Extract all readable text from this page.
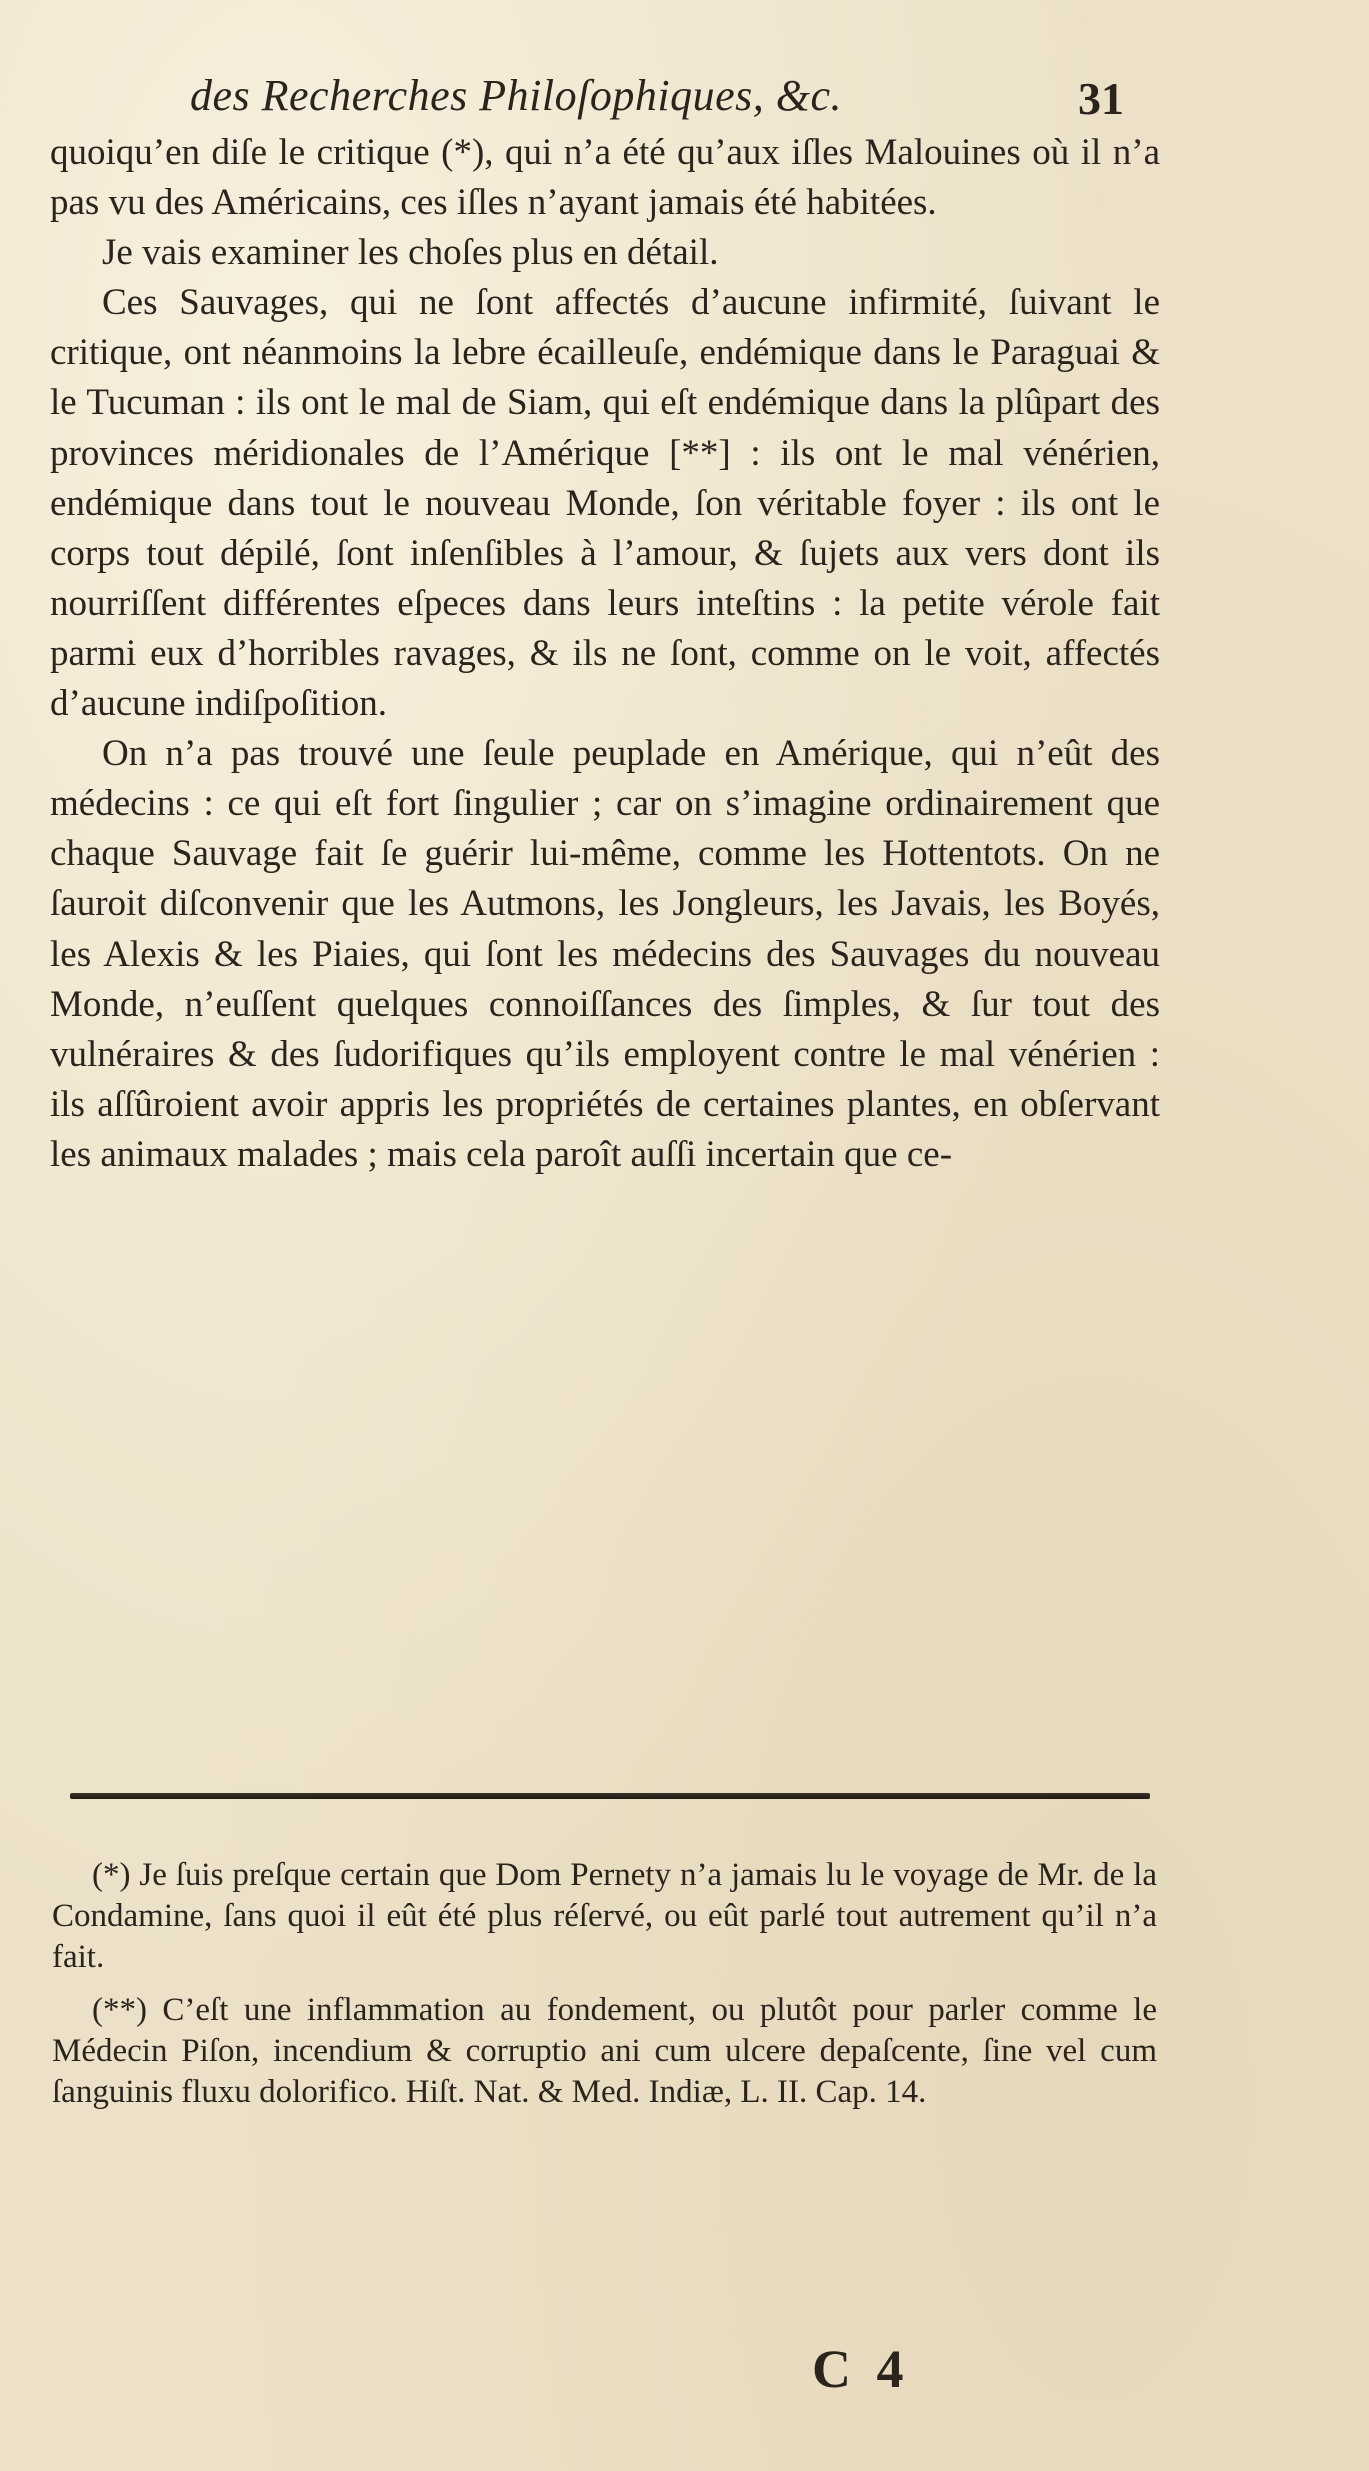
des Recherches Philoſophiques, &c.	31

quoiqu’en diſe le critique (*), qui n’a été qu’aux iſles Malouines où il n’a pas vu des Américains, ces iſles n’ayant jamais été habitées.

Je vais examiner les choſes plus en détail.

Ces Sauvages, qui ne ſont affectés d’aucune infirmité, ſuivant le critique, ont néanmoins la lebre écailleuſe, endémique dans le Paraguai & le Tucuman : ils ont le mal de Siam, qui eſt endémique dans la plûpart des provinces méridionales de l’Amérique [**] : ils ont le mal vénérien, endémique dans tout le nouveau Monde, ſon véritable foyer : ils ont le corps tout dépilé, ſont inſenſibles à l’amour, & ſujets aux vers dont ils nourriſſent différentes eſpeces dans leurs inteſtins : la petite vérole fait parmi eux d’horribles ravages, & ils ne ſont, comme on le voit, affectés d’aucune indiſpoſition.

On n’a pas trouvé une ſeule peuplade en Amérique, qui n’eût des médecins : ce qui eſt fort ſingulier ; car on s’imagine ordinairement que chaque Sauvage fait ſe guérir lui-même, comme les Hottentots. On ne ſauroit diſconvenir que les Autmons, les Jongleurs, les Javais, les Boyés, les Alexis & les Piaies, qui ſont les médecins des Sauvages du nouveau Monde, n’euſſent quelques connoiſſances des ſimples, & ſur tout des vulnéraires & des ſudorifiques qu’ils employent contre le mal vénérien : ils aſſûroient avoir appris les propriétés de certaines plantes, en obſervant les animaux malades ; mais cela paroît auſſi incertain que ce-

(*) Je ſuis preſque certain que Dom Pernety n’a jamais lu le voyage de Mr. de la Condamine, ſans quoi il eût été plus réſervé, ou eût parlé tout autrement qu’il n’a fait.

(**) C’eſt une inflammation au fondement, ou plutôt pour parler comme le Médecin Piſon, incendium & corruptio ani cum ulcere depaſcente, ſine vel cum ſanguinis fluxu dolorifico. Hiſt. Nat. & Med. Indiæ, L. II. Cap. 14.

C 4
